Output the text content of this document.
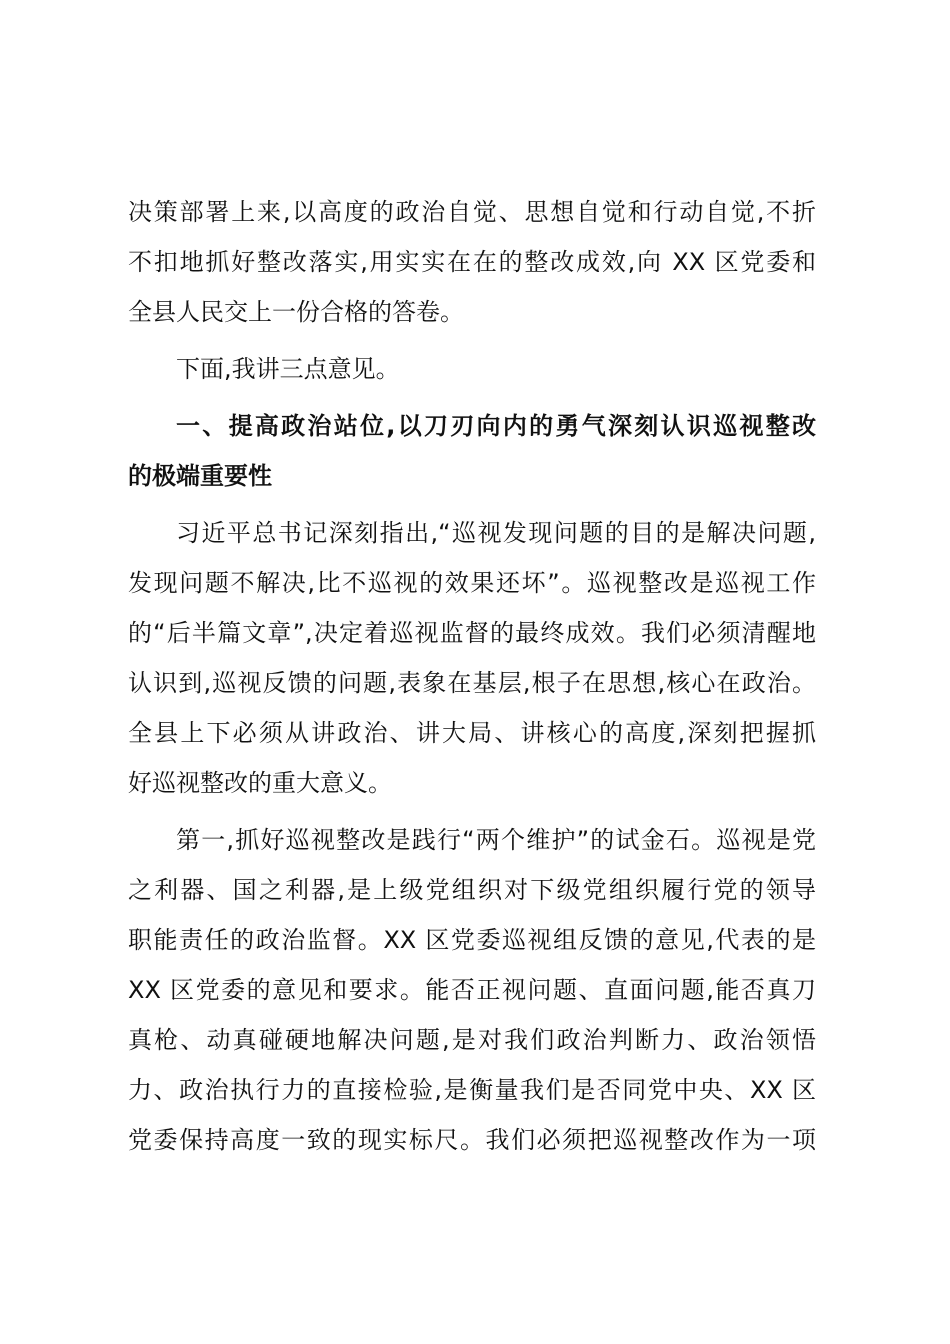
决策部署上来,以高度的政治自觉、思想自觉和行动自觉,不折
不扣地抓好整改落实,用实实在在的整改成效,向 XX 区党委和
全县人民交上一份合格的答卷。
下面,我讲三点意见。
一、提高政治站位,以刀刃向内的勇气深刻认识巡视整改
的极端重要性
习近平总书记深刻指出,“巡视发现问题的目的是解决问题,
发现问题不解决,比不巡视的效果还坏”。巡视整改是巡视工作
的“后半篇文章”,决定着巡视监督的最终成效。我们必须清醒地
认识到,巡视反馈的问题,表象在基层,根子在思想,核心在政治。
全县上下必须从讲政治、讲大局、讲核心的高度,深刻把握抓
好巡视整改的重大意义。
第一,抓好巡视整改是践行“两个维护”的试金石。巡视是党
之利器、国之利器,是上级党组织对下级党组织履行党的领导
职能责任的政治监督。XX 区党委巡视组反馈的意见,代表的是
XX 区党委的意见和要求。能否正视问题、直面问题,能否真刀
真枪、动真碰硬地解决问题,是对我们政治判断力、政治领悟
力、政治执行力的直接检验,是衡量我们是否同党中央、XX 区
党委保持高度一致的现实标尺。我们必须把巡视整改作为一项
